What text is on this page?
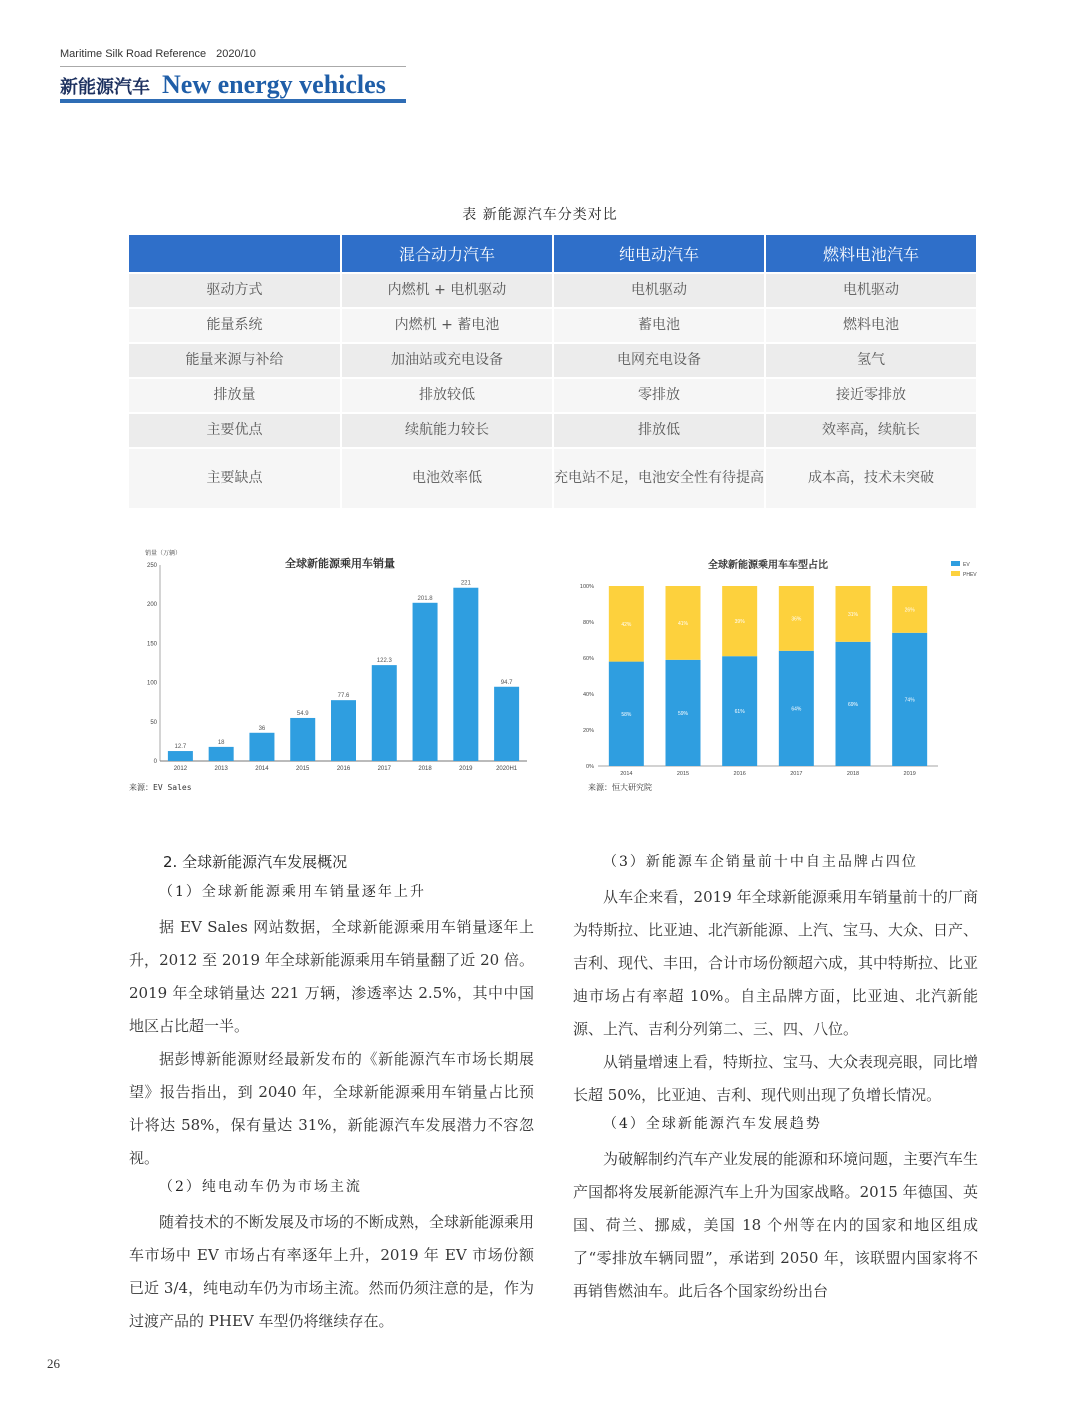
Maritime Silk Road Reference 2020/10
新能源汽车 New energy vehicles
表 新能源汽车分类对比
	混合动力汽车	纯电动汽车	燃料电池汽车
驱动方式	内燃机 + 电机驱动	电机驱动	电机驱动
能量系统	内燃机 + 蓄电池	蓄电池	燃料电池
能量来源与补给	加油站或充电设备	电网充电设备	氢气
排放量	排放较低	零排放	接近零排放
主要优点	续航能力较长	排放低	效率高，续航长
主要缺点	电池效率低	充电站不足，电池安全性有待提高	成本高，技术未突破
销量（万辆）
全球新能源乘用车销量
0
50
100
150
200
250
12.7
2012
18
2013
36
2014
54.9
2015
77.6
2016
122.3
2017
201.8
2018
221
2019
94.7
2020H1
来源：EV Sales
全球新能源乘用车车型占比
0%
20%
40%
60%
80%
100%
58%
42%
2014
59%
41%
2015
61%
39%
2016
64%
36%
2017
69%
31%
2018
74%
26%
2019
EV
PHEV
来源：恒大研究院
2. 全球新能源汽车发展概况
（1）全球新能源乘用车销量逐年上升

据 EV Sales 网站数据，全球新能源乘用车销量逐年上升，2012 至 2019 年全球新能源乘用车销量翻了近 20 倍。2019 年全球销量达 221 万辆，渗透率达 2.5%，其中中国地区占比超一半。

据彭博新能源财经最新发布的《新能源汽车市场长期展望》报告指出，到 2040 年，全球新能源乘用车销量占比预计将达 58%，保有量达 31%，新能源汽车发展潜力不容忽视。

（2）纯电动车仍为市场主流

随着技术的不断发展及市场的不断成熟，全球新能源乘用车市场中 EV 市场占有率逐年上升，2019 年 EV 市场份额已近 3/4，纯电动车仍为市场主流。然而仍须注意的是，作为过渡产品的 PHEV 车型仍将继续存在。

（3）新能源车企销量前十中自主品牌占四位

从车企来看，2019 年全球新能源乘用车销量前十的厂商为特斯拉、比亚迪、北汽新能源、上汽、宝马、大众、日产、吉利、现代、丰田，合计市场份额超六成，其中特斯拉、比亚迪市场占有率超 10%。自主品牌方面，比亚迪、北汽新能源、上汽、吉利分列第二、三、四、八位。

从销量增速上看，特斯拉、宝马、大众表现亮眼，同比增长超 50%，比亚迪、吉利、现代则出现了负增长情况。

（4）全球新能源汽车发展趋势

为破解制约汽车产业发展的能源和环境问题，主要汽车生产国都将发展新能源汽车上升为国家战略。2015 年德国、英国、荷兰、挪威，美国 18 个州等在内的国家和地区组成了“零排放车辆同盟”，承诺到 2050 年，该联盟内国家将不再销售燃油车。此后各个国家纷纷出台

26
